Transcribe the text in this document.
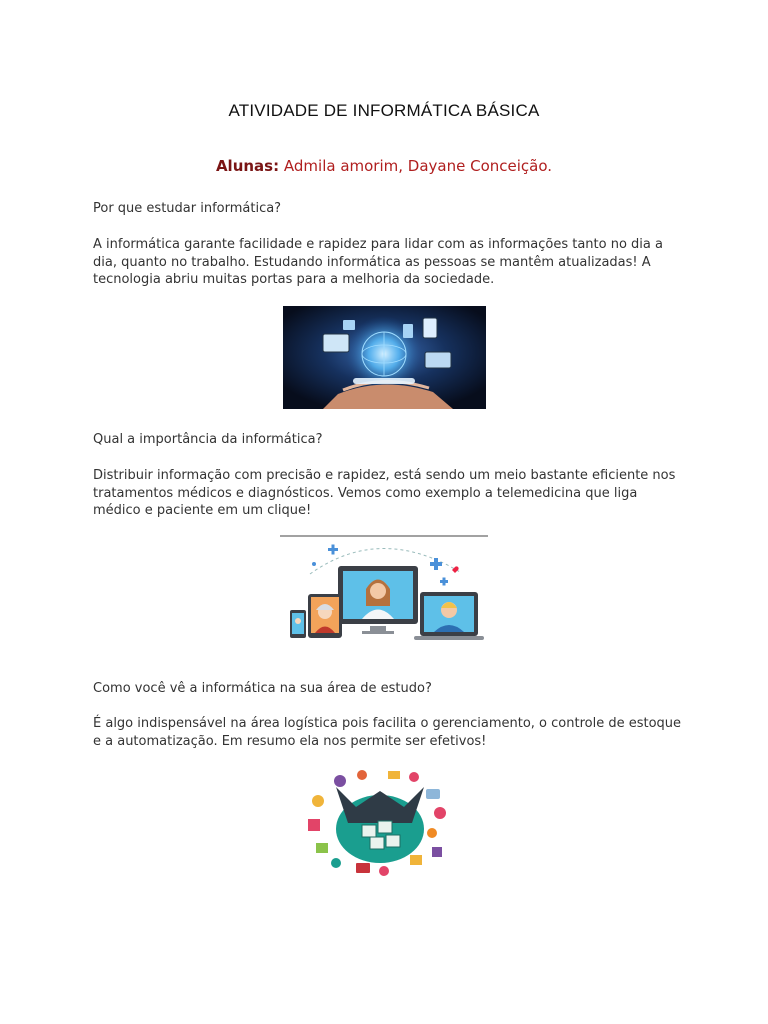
ATIVIDADE DE INFORMÁTICA BÁSICA
Alunas: Admila amorim, Dayane Conceição.
Por que estudar informática?
A informática garante facilidade e rapidez para lidar com as informações tanto no dia a dia, quanto no trabalho. Estudando informática as pessoas se mantêm atualizadas! A tecnologia abriu muitas portas para a melhoria da sociedade.
Qual a importância da informática?
Distribuir informação com precisão e rapidez, está sendo um meio bastante eficiente nos tratamentos médicos e diagnósticos. Vemos como exemplo a telemedicina que liga médico e paciente em um clique!
Como você vê a informática na sua área de estudo?
É algo indispensável na área logística pois facilita o gerenciamento, o controle de estoque e a automatização. Em resumo ela nos permite ser efetivos!
